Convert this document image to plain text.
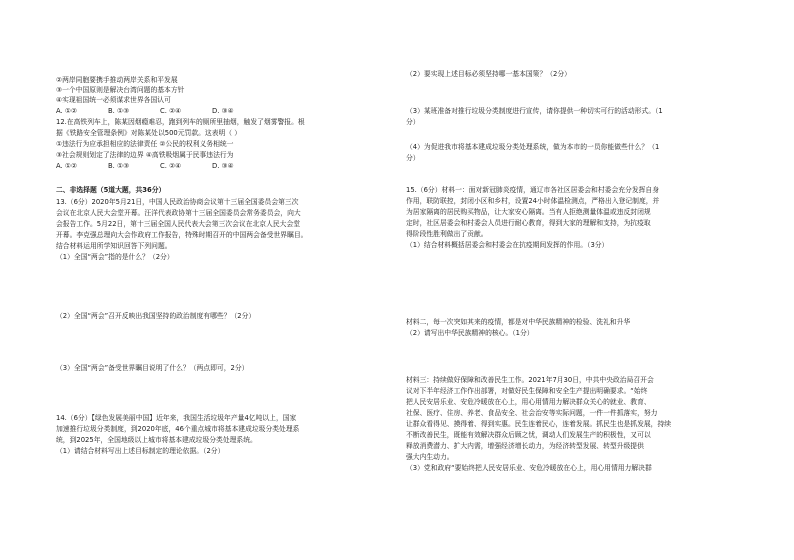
②两岸同胞要携手推动两岸关系和平发展
③一个中国原则是解决台湾问题的基本方针
④实现祖国统一必须谋求世界各国认可
A. ①②	B. ①③	C. ②④	D. ③④
12.在高铁列车上，陈某因烟瘾难忍，跑到列车的厕所里抽烟，触发了烟雾警报。根
据《铁路安全管理条例》对陈某处以500元罚款。这表明（ ）
①违法行为应承担相应的法律责任 ②公民的权利义务相统一
③社会规则划定了法律的边界 ④高铁吸烟属于民事违法行为
A. ①②	B. ①③	C. ②④	D. ③④
二、非选择题（5道大题，共36分）
13.（6分）2020年5月21日，中国人民政治协商会议第十三届全国委员会第三次
会议在北京人民大会堂开幕。汪洋代表政协第十三届全国委员会常务委员会，向大
会报告工作。5月22日，第十三届全国人民代表大会第三次会议在北京人民大会堂
开幕。李克强总理向大会作政府工作报告，特殊时期召开的中国两会备受世界瞩目。
结合材料运用所学知识回答下列问题。
（1）全国“两会”指的是什么？（2分）
（2）全国“两会”召开反映出我国坚持的政治制度有哪些？（2分）
（3）全国“两会”备受世界瞩目说明了什么？（两点即可，2分）
14.（6分）【绿色发展美丽中国】近年来，我国生活垃圾年产量4亿吨以上，国家
加速推行垃圾分类制度，到2020年底，46个重点城市将基本建成垃圾分类处理系
统，到2025年，全国地级以上城市将基本建成垃圾分类处理系统。
（1）请结合材料写出上述目标制定的理论依据。（2分）
（2）要实现上述目标必须坚持哪一基本国策？（2分）
（3）某班准备对推行垃圾分类制度进行宣传，请你提供一种切实可行的活动形式。（1
分）
（4）为促进我市将基本建成垃圾分类处理系统，做为本市的一员你能做些什么？（1
分）
15.（6分）材料一：面对新冠肺炎疫情，通辽市各社区居委会和村委会充分发挥自身
作用，联防联控，封闭小区和乡村，设置24小时体温检测点，严格出入登记制度，并
为居家隔离的居民购买物品，让大家安心隔离。当有人拒绝测量体温或违反封闭规
定时，社区居委会和村委会人员进行耐心教育，得到大家的理解和支持，为抗疫取
得阶段性胜利做出了贡献。
（1）结合材料概括居委会和村委会在抗疫期间发挥的作用。（3分）
材料二，每一次突如其来的疫情，都是对中华民族精神的检验、洗礼和升华
（2）请写出中华民族精神的核心。（1分）
材料三：持续做好保障和改善民生工作。2021年7月30日，中共中央政治局召开会
议对下半年经济工作作出部署，对做好民生保障和安全生产提出明确要求。“始终
把人民安居乐业、安危冷暖放在心上，用心用情用力解决群众关心的就业、教育、
社保、医疗、住房、养老、食品安全、社会治安等实际问题，一件一件抓落实，努力
让群众看得见、摸得着、得到实惠。民生连着民心，连着发展。抓民生也是抓发展，持续
不断改善民生，既能有效解决群众后顾之忧，调动人们发展生产的积极性，又可以
释放消费潜力、扩大内需，增强经济增长动力，为经济转型发展、转型升级提供
强大内生动力。
（3）党和政府“要始终把人民安居乐业、安危冷暖放在心上，用心用情用力解决群
